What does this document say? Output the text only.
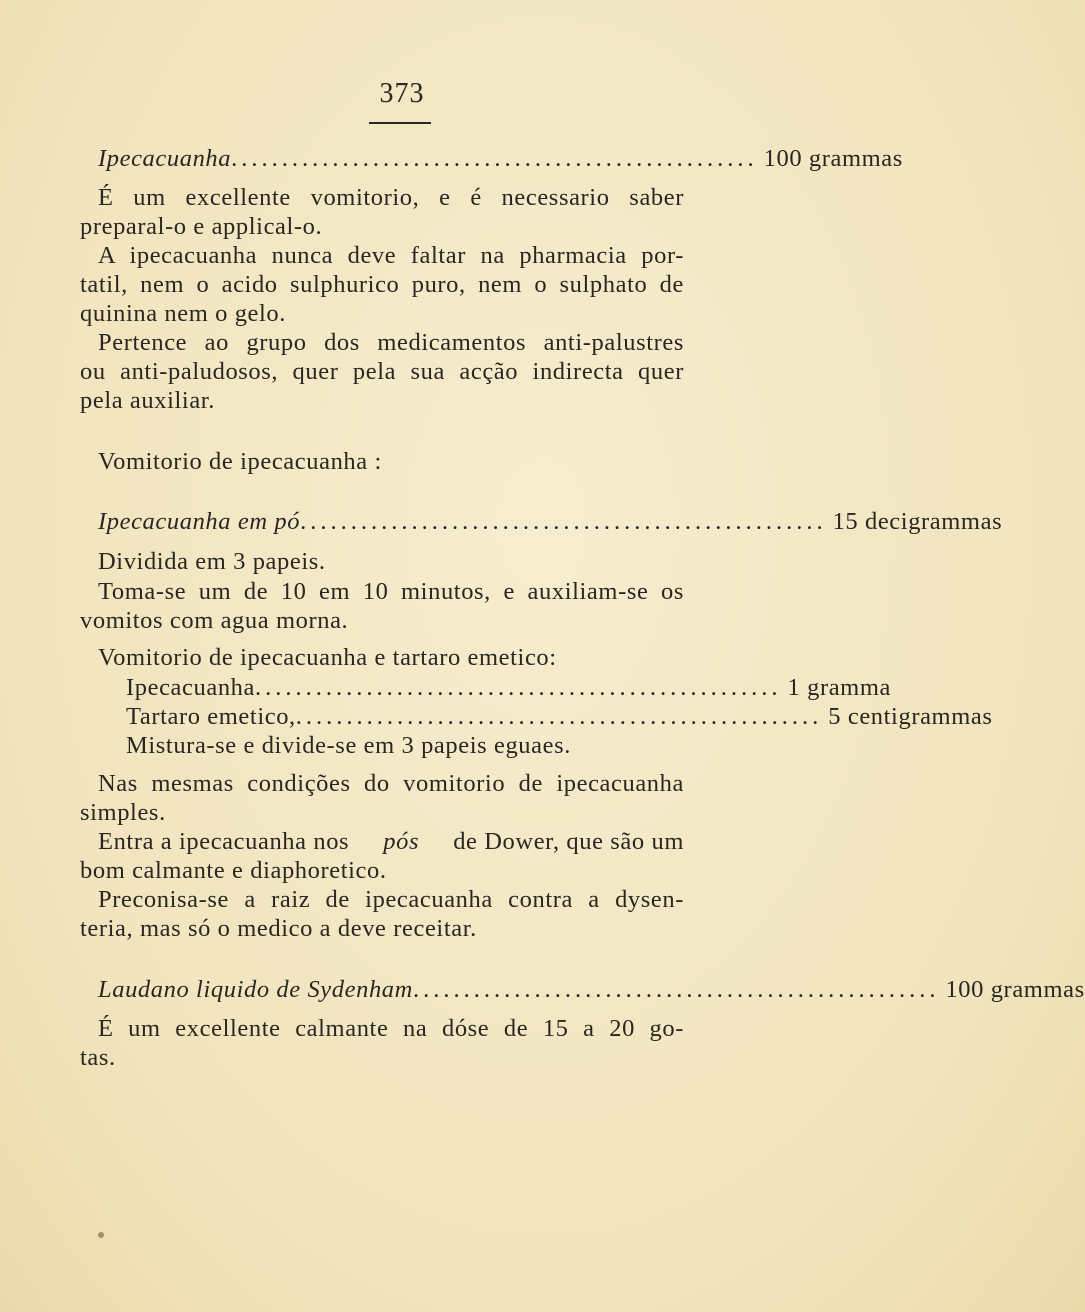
373
Ipecacuanha .................................................... 100 grammas
É um excellente vomitorio, e é necessario saber
preparal-o e applical-o.
A ipecacuanha nunca deve faltar na pharmacia por-
tatil, nem o acido sulphurico puro, nem o sulphato de
quinina nem o gelo.
Pertence ao grupo dos medicamentos anti-palustres
ou anti-paludosos, quer pela sua acção indirecta quer
pela auxiliar.
Vomitorio de ipecacuanha :
Ipecacuanha em pó .................................................... 15 decigrammas
Dividida em 3 papeis.
Toma-se um de 10 em 10 minutos, e auxiliam-se os
vomitos com agua morna.
Vomitorio de ipecacuanha e tartaro emetico:
Ipecacuanha .................................................... 1 gramma
Tartaro emetico, .................................................... 5 centigrammas
Mistura-se e divide-se em 3 papeis eguaes.
Nas mesmas condições do vomitorio de ipecacuanha
simples.
Entra a ipecacuanha nos pós de Dower, que são um
bom calmante e diaphoretico.
Preconisa-se a raiz de ipecacuanha contra a dysen-
teria, mas só o medico a deve receitar.
Laudano liquido de Sydenham .................................................... 100 grammas
É um excellente calmante na dóse de 15 a 20 go-
tas.
